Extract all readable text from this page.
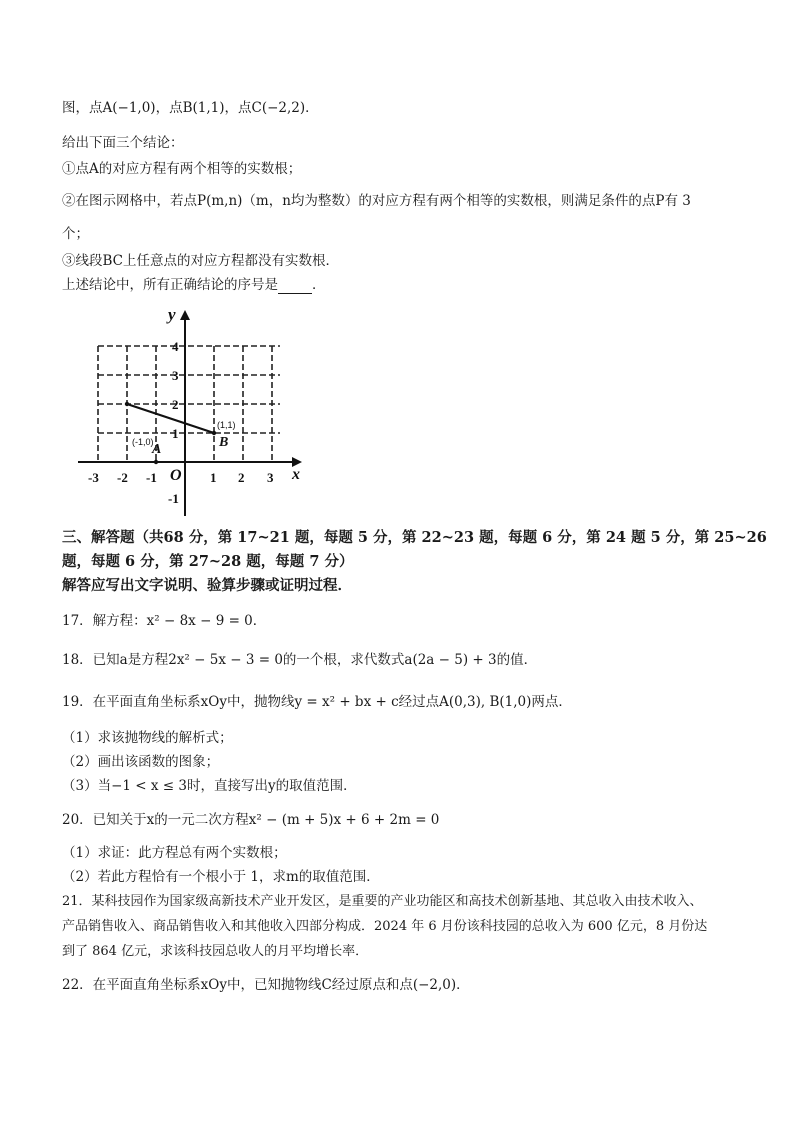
图，点A(−1,0)，点B(1,1)，点C(−2,2)．
给出下面三个结论：
①点A的对应方程有两个相等的实数根；
②在图示网格中，若点P(m,n)（m，n均为整数）的对应方程有两个相等的实数根，则满足条件的点P有 3
个；
③线段BC上任意点的对应方程都没有实数根．
上述结论中，所有正确结论的序号是	．
y
x
O
A	B
-3 -2 -1	1 2 3
4
3
2
1
-1
(-1,0)
(1,1)
三、解答题（共68 分，第 17~21 题，每题 5 分，第 22~23 题，每题 6 分，第 24 题 5 分，第 25~26
题，每题 6 分，第 27~28 题，每题 7 分）
解答应写出文字说明、验算步骤或证明过程．
17．解方程：x² − 8x − 9 = 0．
18．已知a是方程2x² − 5x − 3 = 0的一个根，求代数式a(2a − 5) + 3的值．
19．在平面直角坐标系xOy中，抛物线y = x² + bx + c经过点A(0,3), B(1,0)两点．
（1）求该抛物线的解析式；
（2）画出该函数的图象；
（3）当−1 < x ≤ 3时，直接写出y的取值范围．
20．已知关于x的一元二次方程x² − (m + 5)x + 6 + 2m = 0
（1）求证：此方程总有两个实数根；
（2）若此方程恰有一个根小于 1，求m的取值范围．
21．某科技园作为国家级高新技术产业开发区，是重要的产业功能区和高技术创新基地、其总收入由技术收入、
产品销售收入、商品销售收入和其他收入四部分构成．2024 年 6 月份该科技园的总收入为 600 亿元，8 月份达
到了 864 亿元，求该科技园总收人的月平均增长率．
22．在平面直角坐标系xOy中，已知抛物线C经过原点和点(−2,0)．
